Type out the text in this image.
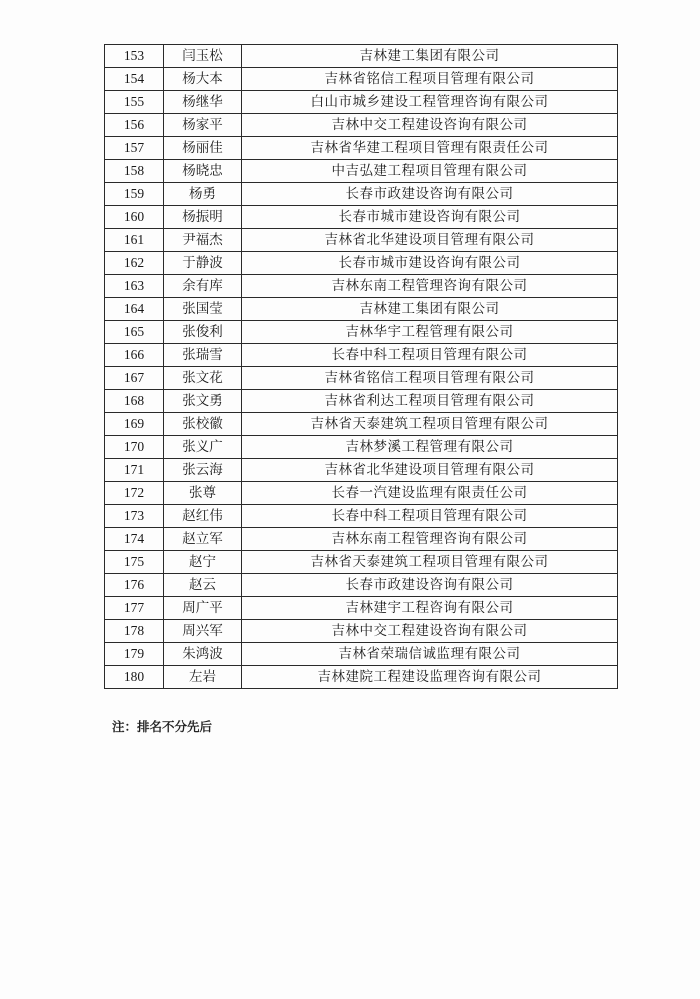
153	闫玉松	吉林建工集团有限公司
154	杨大本	吉林省铭信工程项目管理有限公司
155	杨继华	白山市城乡建设工程管理咨询有限公司
156	杨家平	吉林中交工程建设咨询有限公司
157	杨丽佳	吉林省华建工程项目管理有限责任公司
158	杨晓忠	中吉弘建工程项目管理有限公司
159	杨勇	长春市政建设咨询有限公司
160	杨振明	长春市城市建设咨询有限公司
161	尹福杰	吉林省北华建设项目管理有限公司
162	于静波	长春市城市建设咨询有限公司
163	余有库	吉林东南工程管理咨询有限公司
164	张国莹	吉林建工集团有限公司
165	张俊利	吉林华宇工程管理有限公司
166	张瑞雪	长春中科工程项目管理有限公司
167	张文花	吉林省铭信工程项目管理有限公司
168	张文勇	吉林省利达工程项目管理有限公司
169	张校徽	吉林省天泰建筑工程项目管理有限公司
170	张义广	吉林梦溪工程管理有限公司
171	张云海	吉林省北华建设项目管理有限公司
172	张尊	长春一汽建设监理有限责任公司
173	赵红伟	长春中科工程项目管理有限公司
174	赵立军	吉林东南工程管理咨询有限公司
175	赵宁	吉林省天泰建筑工程项目管理有限公司
176	赵云	长春市政建设咨询有限公司
177	周广平	吉林建宇工程咨询有限公司
178	周兴军	吉林中交工程建设咨询有限公司
179	朱鸿波	吉林省荣瑞信诚监理有限公司
180	左岩	吉林建院工程建设监理咨询有限公司
注：排名不分先后
